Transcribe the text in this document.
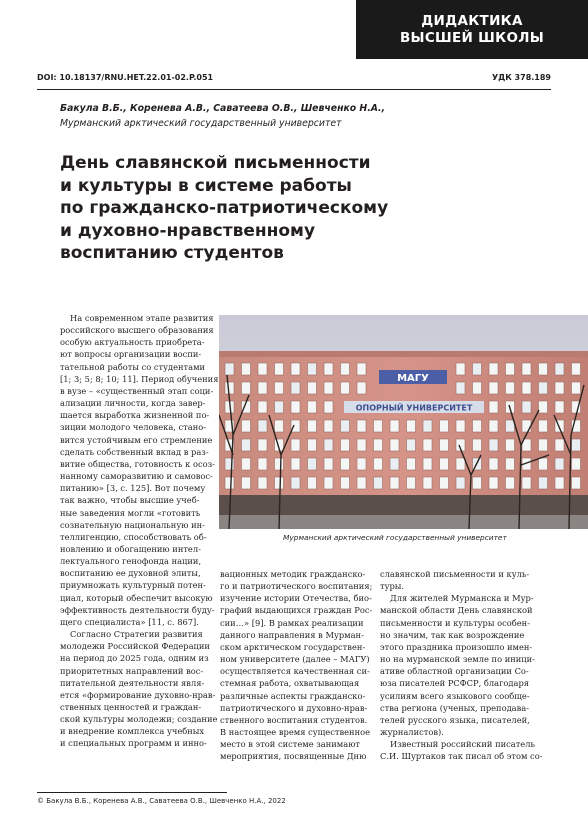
ДИДАКТИКА
ВЫСШЕЙ ШКОЛЫ
DOI: 10.18137/RNU.HET.22.01-02.P.051	УДК 378.189
Бакула В.Б., Коренева А.В., Саватеева О.В., Шевченко Н.А.,
Мурманский арктический государственный университет
День славянской письменности
и культуры в системе работы
по гражданско-патриотическому
и духовно-нравственному
воспитанию студентов
На современном этапе развития
российского высшего образования
особую актуальность приобрета-
ют вопросы организации воспи-
тательной работы со студентами
[1; 3; 5; 8; 10; 11]. Период обучения
в вузе – «существенный этап соци-
ализации личности, когда завер-
шается выработка жизненной по-
зиции молодого человека, стано-
вится устойчивым его стремление
сделать собственный вклад в раз-
витие общества, готовность к осоз-
нанному саморазвитию и самовос-
питанию» [3, с. 125]. Вот почему
так важно, чтобы высшие учеб-
ные заведения могли «готовить
сознательную национальную ин-
теллигенцию, способствовать об-
новлению и обогащению интел-
лектуального генофонда нации,
воспитанию ее духовной элиты,
приумножать культурный потен-
циал, который обеспечит высокую
эффективность деятельности буду-
щего специалиста» [11, с. 867].
Согласно Стратегии развития
молодежи Российской Федерации
на период до 2025 года, одним из
приоритетных направлений вос-
питательной деятельности явля-
ется «формирование духовно-нрав-
ственных ценностей и граждан-
ской культуры молодежи; создание
и внедрение комплекса учебных
и специальных программ и инно-
МАГУ
ОПОРНЫЙ УНИВЕРСИТЕТ
Мурманский арктический государственный университет
вационных методик гражданско-
го и патриотического воспитания;
изучение истории Отечества, био-
графий выдающихся граждан Рос-
сии…» [9]. В рамках реализации
данного направления в Мурман-
ском арктическом государствен-
ном университете (далее – МАГУ)
осуществляется качественная си-
стемная работа, охватывающая
различные аспекты гражданско-
патриотического и духовно-нрав-
ственного воспитания студентов.
В настоящее время существенное
место в этой системе занимают
мероприятия, посвященные Дню
славянской письменности и куль-
туры.
Для жителей Мурманска и Мур-
манской области День славянской
письменности и культуры особен-
но значим, так как возрождение
этого праздника произошло имен-
но на мурманской земле по иници-
ативе областной организации Со-
юза писателей РСФСР, благодаря
усилиям всего языкового сообще-
ства региона (ученых, преподава-
телей русского языка, писателей,
журналистов).
Известный российский писатель
С.И. Шуртаков так писал об этом со-
© Бакула В.Б., Коренева А.В., Саватеева О.В., Шевченко Н.А., 2022
